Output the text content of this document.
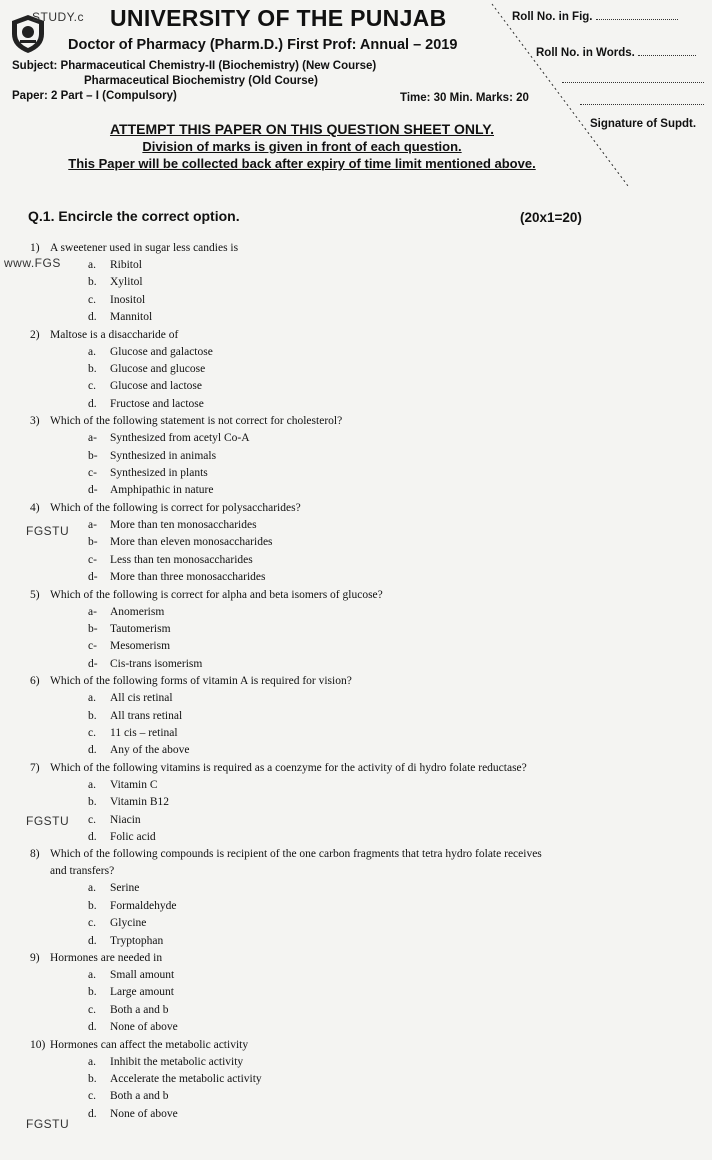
STUDY.c
www.FGS
FGSTU
FGSTU
FGSTU
UNIVERSITY OF THE PUNJAB
Doctor of Pharmacy (Pharm.D.) First Prof: Annual – 2019
Subject: Pharmaceutical Chemistry-II (Biochemistry) (New Course)
Pharmaceutical Biochemistry (Old Course)
Paper: 2 Part – I (Compulsory)	Time: 30 Min. Marks: 20
Roll No. in Fig.
Roll No. in Words.
Signature of Supdt.
ATTEMPT THIS PAPER ON THIS QUESTION SHEET ONLY.
Division of marks is given in front of each question.
This Paper will be collected back after expiry of time limit mentioned above.
Q.1. Encircle the correct option.	(20x1=20)
1) A sweetener used in sugar less candies is
a. Ribitol
b. Xylitol
c. Inositol
d. Mannitol
2) Maltose is a disaccharide of
a. Glucose and galactose
b. Glucose and glucose
c. Glucose and lactose
d. Fructose and lactose
3) Which of the following statement is not correct for cholesterol?
a- Synthesized from acetyl Co-A
b- Synthesized in animals
c- Synthesized in plants
d- Amphipathic in nature
4) Which of the following is correct for polysaccharides?
a- More than ten monosaccharides
b- More than eleven monosaccharides
c- Less than ten monosaccharides
d- More than three monosaccharides
5) Which of the following is correct for alpha and beta isomers of glucose?
a- Anomerism
b- Tautomerism
c- Mesomerism
d- Cis-trans isomerism
6) Which of the following forms of vitamin A is required for vision?
a. All cis retinal
b. All trans retinal
c. 11 cis – retinal
d. Any of the above
7) Which of the following vitamins is required as a coenzyme for the activity of di hydro folate reductase?
a. Vitamin C
b. Vitamin B12
c. Niacin
d. Folic acid
8) Which of the following compounds is recipient of the one carbon fragments that tetra hydro folate receives and transfers?
a. Serine
b. Formaldehyde
c. Glycine
d. Tryptophan
9) Hormones are needed in
a. Small amount
b. Large amount
c. Both a and b
d. None of above
10) Hormones can affect the metabolic activity
a. Inhibit the metabolic activity
b. Accelerate the metabolic activity
c. Both a and b
d. None of above
